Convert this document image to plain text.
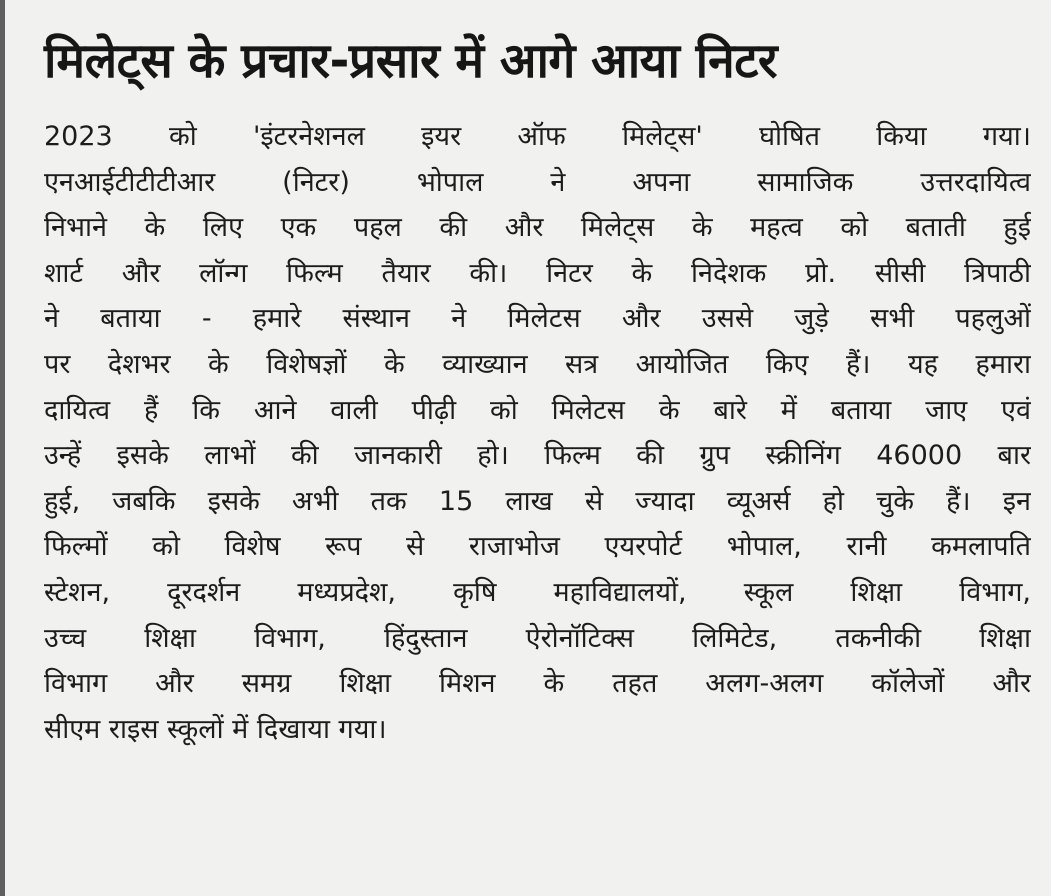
मिलेट्स के प्रचार-प्रसार में आगे आया निटर
2023 को 'इंटरनेशनल इयर ऑफ मिलेट्स' घोषित किया गया।
एनआईटीटीटीआर (निटर) भोपाल ने अपना सामाजिक उत्तरदायित्व
निभाने के लिए एक पहल की और मिलेट्स के महत्व को बताती हुई
शार्ट और लॉन्ग फिल्म तैयार की। निटर के निदेशक प्रो. सीसी त्रिपाठी
ने बताया - हमारे संस्थान ने मिलेटस और उससे जुड़े सभी पहलुओं
पर देशभर के विशेषज्ञों के व्याख्यान सत्र आयोजित किए हैं। यह हमारा
दायित्व हैं कि आने वाली पीढ़ी को मिलेटस के बारे में बताया जाए एवं
उन्हें इसके लाभों की जानकारी हो। फिल्म की ग्रुप स्क्रीनिंग 46000 बार
हुई, जबकि इसके अभी तक 15 लाख से ज्यादा व्यूअर्स हो चुके हैं। इन
फिल्मों को विशेष रूप से राजाभोज एयरपोर्ट भोपाल, रानी कमलापति
स्टेशन, दूरदर्शन मध्यप्रदेश, कृषि महाविद्यालयों, स्कूल शिक्षा विभाग,
उच्च शिक्षा विभाग, हिंदुस्तान ऐरोनॉटिक्स लिमिटेड, तकनीकी शिक्षा
विभाग और समग्र शिक्षा मिशन के तहत अलग-अलग कॉलेजों और
सीएम राइस स्कूलों में दिखाया गया।
